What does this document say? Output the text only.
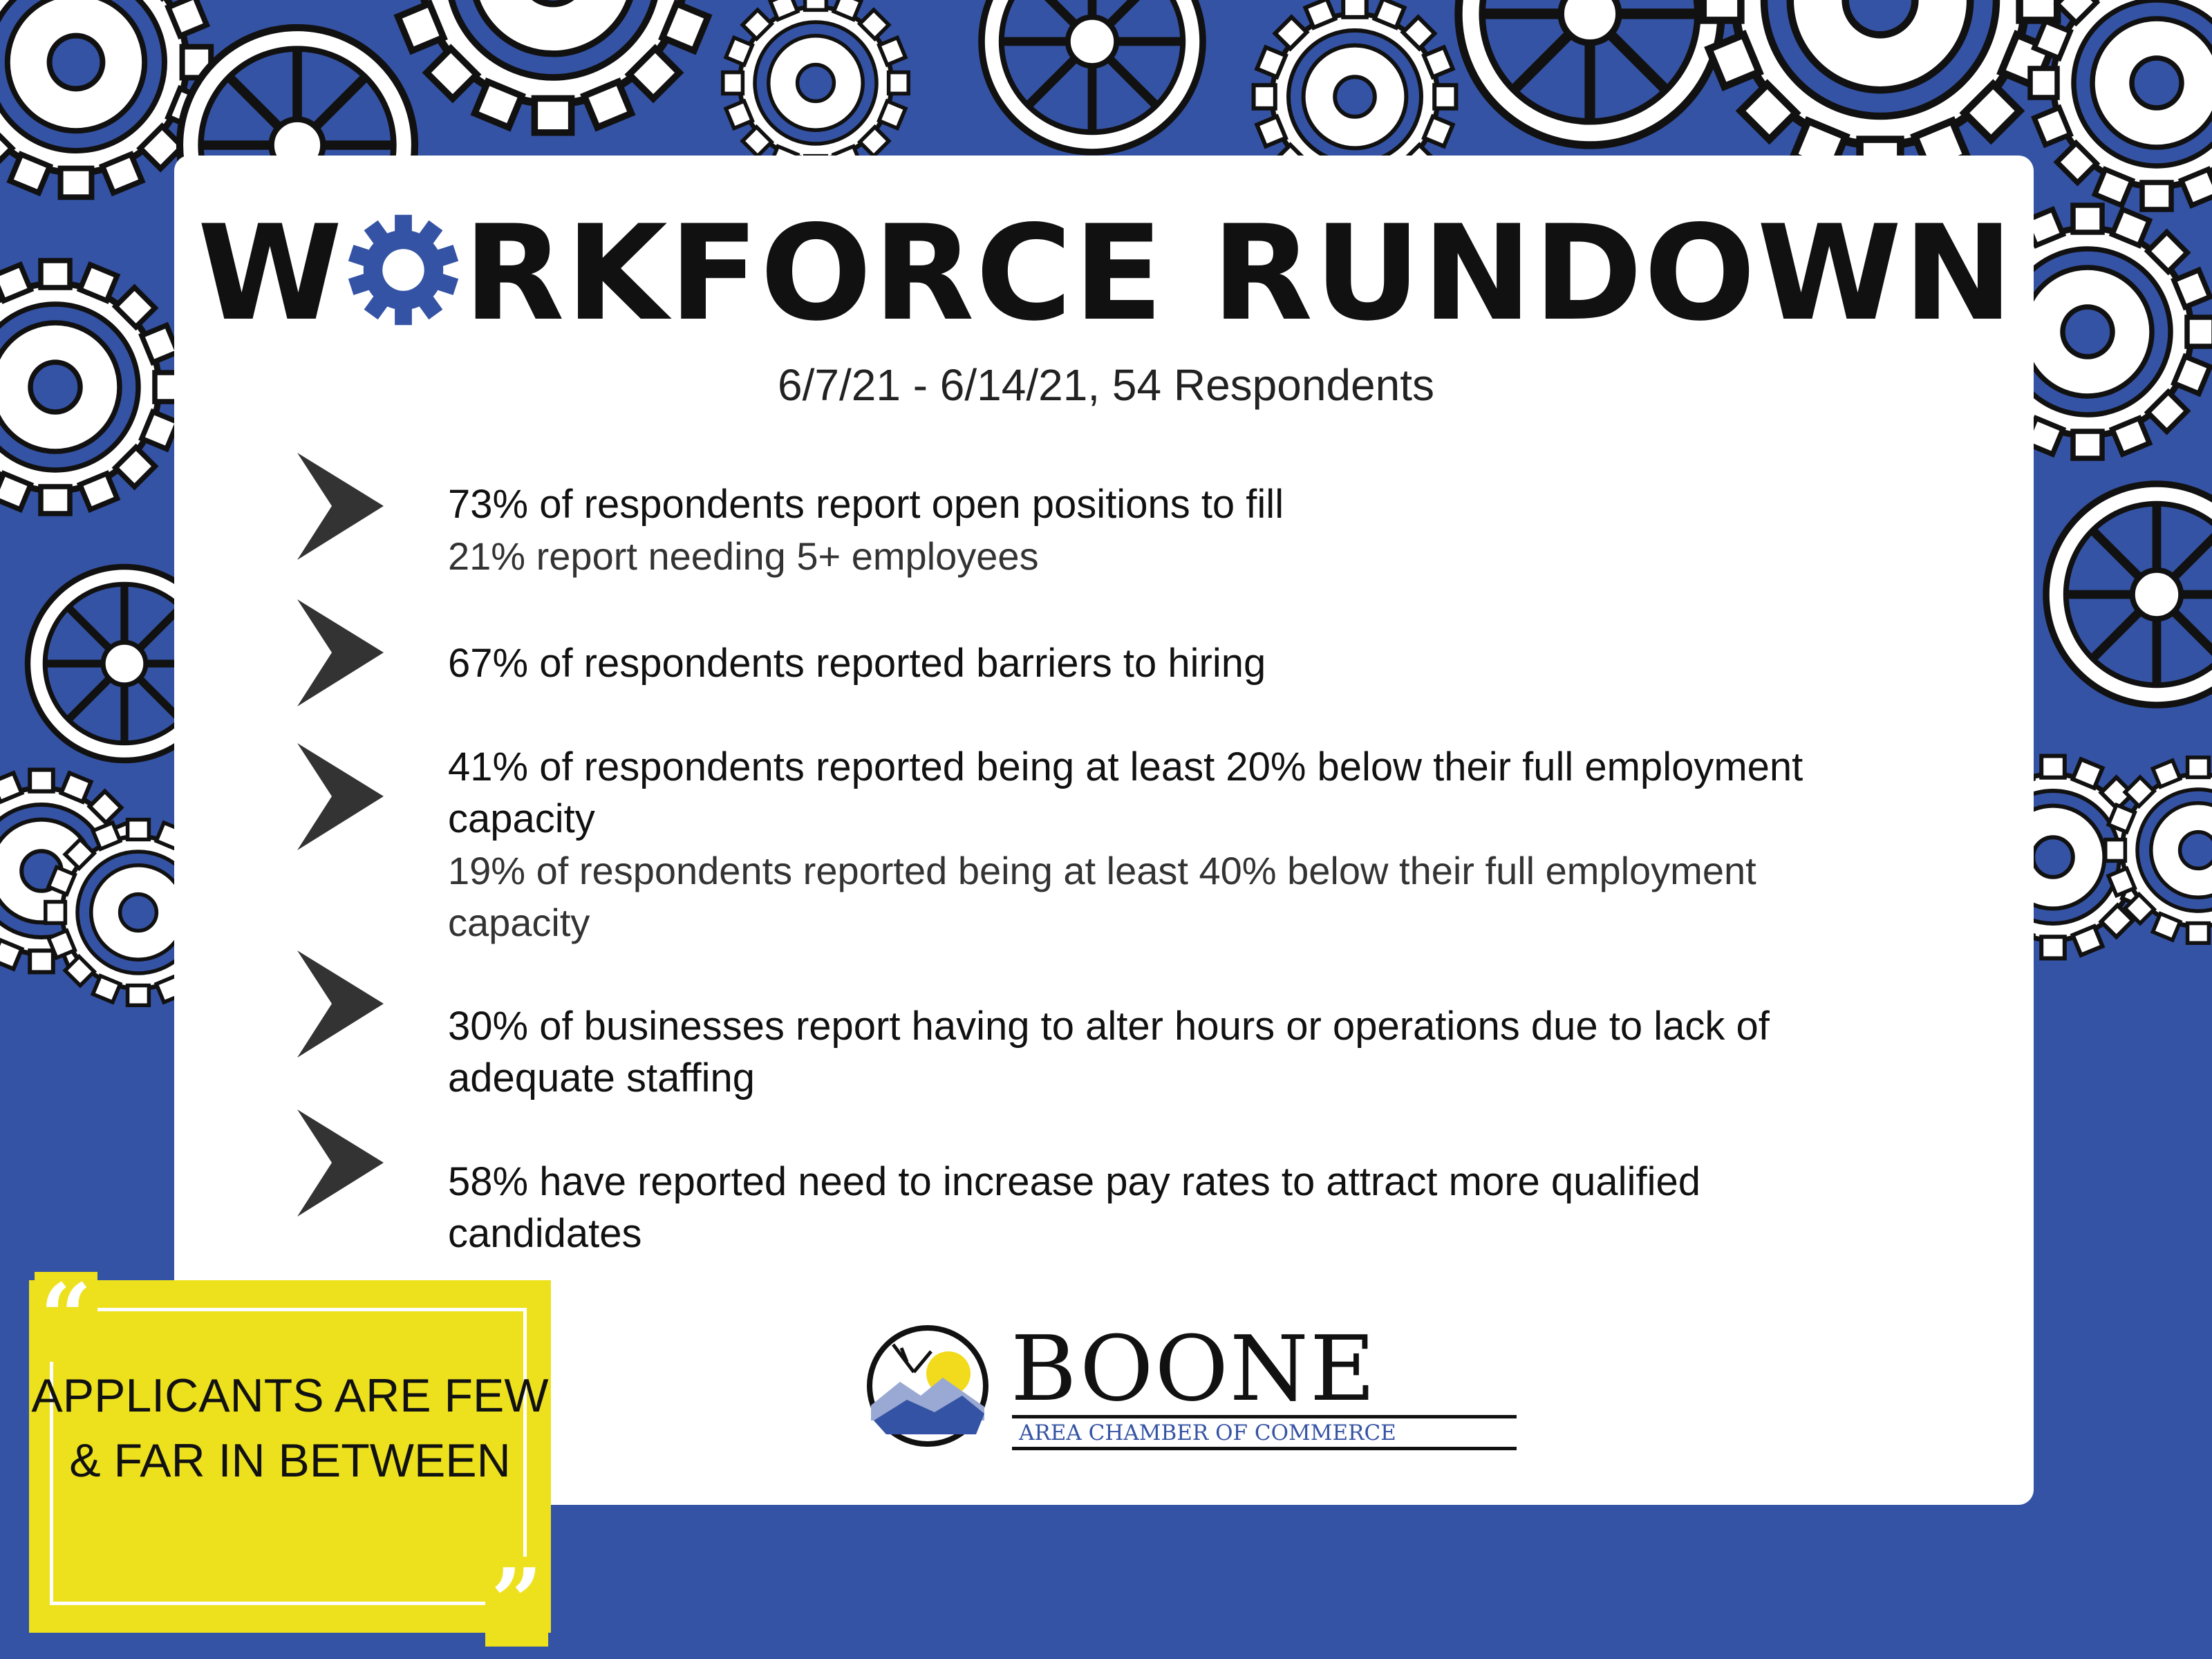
W RKFORCE RUNDOWN
6/7/21 - 6/14/21, 54 Respondents
73% of respondents report open positions to fill
21% report needing 5+ employees
67% of respondents reported barriers to hiring
41% of respondents reported being at least 20% below their full employment capacity
19% of respondents reported being at least 40% below their full employment capacity
30% of businesses report having to alter hours or operations due to lack of adequate staffing
58% have reported need to increase pay rates to attract more qualified candidates
“
”
APPLICANTS ARE FEW & FAR IN BETWEEN
BOONE
AREA CHAMBER OF COMMERCE
